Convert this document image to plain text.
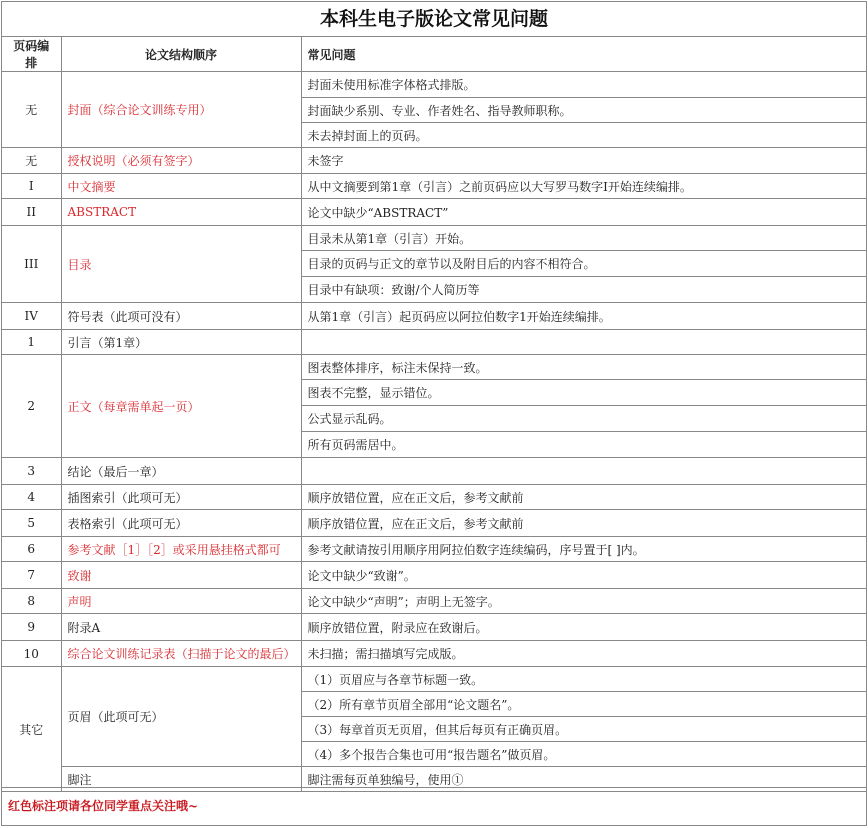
本科生电子版论文常见问题
页码编排	论文结构顺序	常见问题
无	封面（综合论文训练专用）	封面未使用标准字体格式排版。
		封面缺少系别、专业、作者姓名、指导教师职称。
		未去掉封面上的页码。
无	授权说明（必须有签字）	未签字
I	中文摘要	从中文摘要到第1章（引言）之前页码应以大写罗马数字I开始连续编排。
II	ABSTRACT	论文中缺少“ABSTRACT”
III	目录	目录未从第1章（引言）开始。
		目录的页码与正文的章节以及附目后的内容不相符合。
		目录中有缺项：致谢/个人简历等
IV	符号表（此项可没有）	从第1章（引言）起页码应以阿拉伯数字1开始连续编排。
1	引言（第1章）	
2	正文（每章需单起一页）	图表整体排序，标注未保持一致。
		图表不完整，显示错位。
		公式显示乱码。
		所有页码需居中。
3	结论（最后一章）	
4	插图索引（此项可无）	顺序放错位置，应在正文后，参考文献前
5	表格索引（此项可无）	顺序放错位置，应在正文后，参考文献前
6	参考文献［1］［2］或采用悬挂格式都可	参考文献请按引用顺序用阿拉伯数字连续编码，序号置于[ ]内。
7	致谢	论文中缺少“致谢”。
8	声明	论文中缺少“声明”；声明上无签字。
9	附录A	顺序放错位置，附录应在致谢后。
10	综合论文训练记录表（扫描于论文的最后）	未扫描；需扫描填写完成版。
其它	页眉（此项可无）	（1）页眉应与各章节标题一致。
		（2）所有章节页眉全部用“论文题名”。
		（3）每章首页无页眉，但其后每页有正确页眉。
		（4）多个报告合集也可用“报告题名”做页眉。
	脚注	脚注需每页单独编号，使用①
红色标注项请各位同学重点关注哦~
